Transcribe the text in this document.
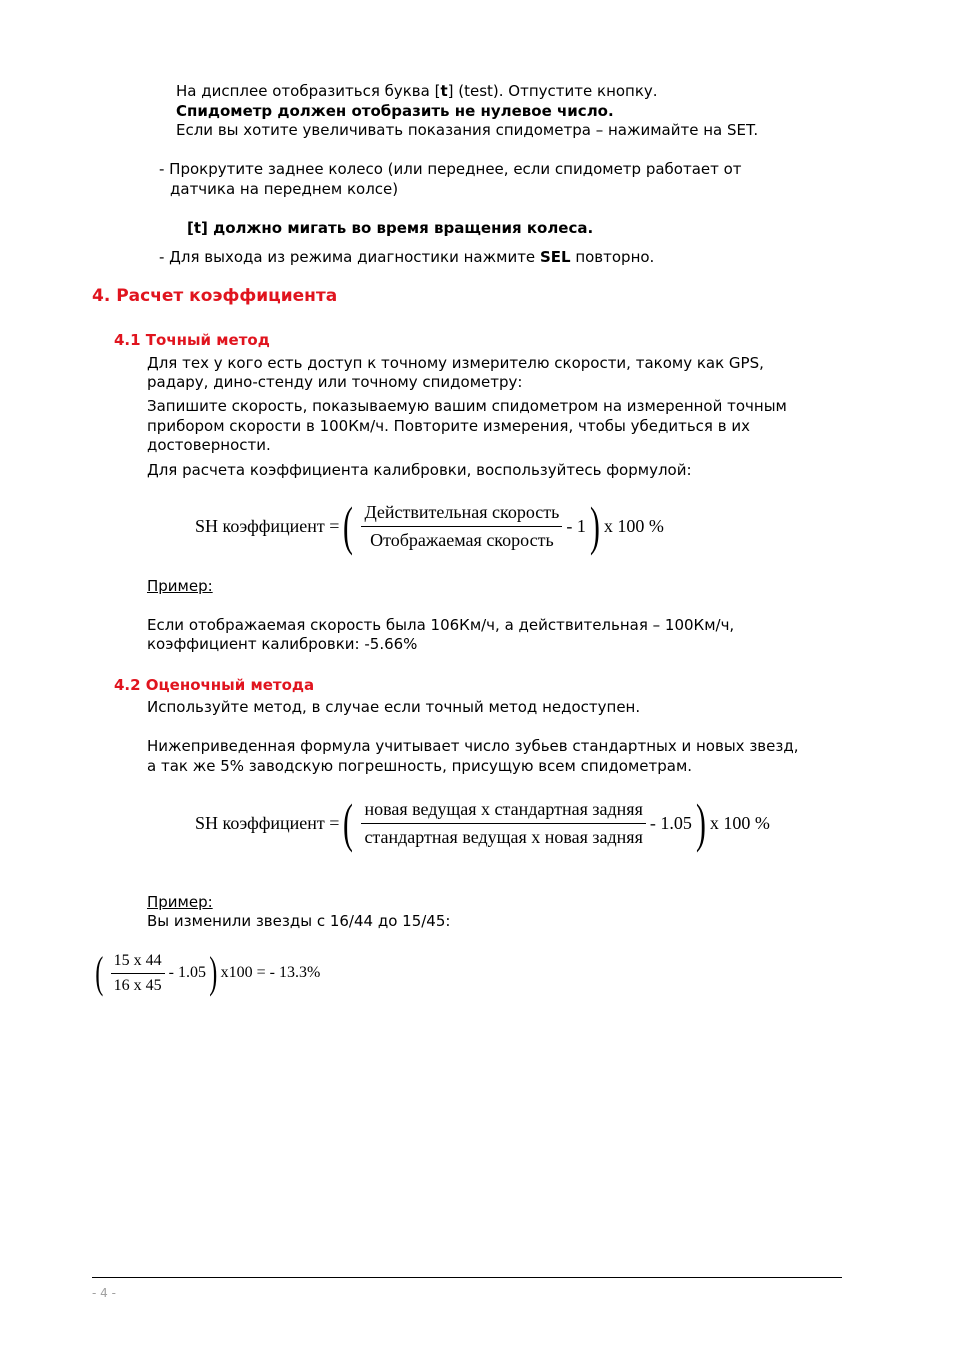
На дисплее отобразиться буква [t] (test). Отпустите кнопку.
Спидометр должен отобразить не нулевое число.
Если вы хотите увеличивать показания спидометра – нажимайте на SET.
- Прокрутите заднее колесо (или переднее, если спидометр работает от
датчика на переднем колсе)
[t] должно мигать во время вращения колеса.
- Для выхода из режима диагностики нажмите SEL повторно.
4. Расчет коэффициента
4.1 Точный метод
Для тех у кого есть доступ к точному измерителю скорости, такому как GPS,
радару, дино-стенду или точному спидометру:
Запишите скорость, показываемую вашим спидометром на измеренной точным
прибором скорости в 100Км/ч. Повторите измерения, чтобы убедиться в их
достоверности.
Для расчета коэффициента калибровки, воспользуйтесь формулой:
SH коэффициент = ( $\frac{\text{Действительная скорость}}{\text{Отображаемая скорость}} - 1$ ) x 100 %
Пример:
Если отображаемая скорость была 106Км/ч, а действительная – 100Км/ч,
коэффициент калибровки: -5.66%
4.2 Оценочный метода
Используйте метод, в случае если точный метод недоступен.
Нижеприведенная формула учитывает число зубьев стандартных и новых звезд,
а так же 5% заводскую погрешность, присущую всем спидометрам.
SH коэффициент = ( $\frac{\text{новая ведущая x стандартная задняя}}{\text{стандартная ведущая x новая задняя}} - 1.05$ ) x 100 %
Пример:
Вы изменили звезды с 16/44 до 15/45:
( $\frac{15 x 44}{16 x 45} - 1.05$ ) x100 = - 13.3%
- 4 -
